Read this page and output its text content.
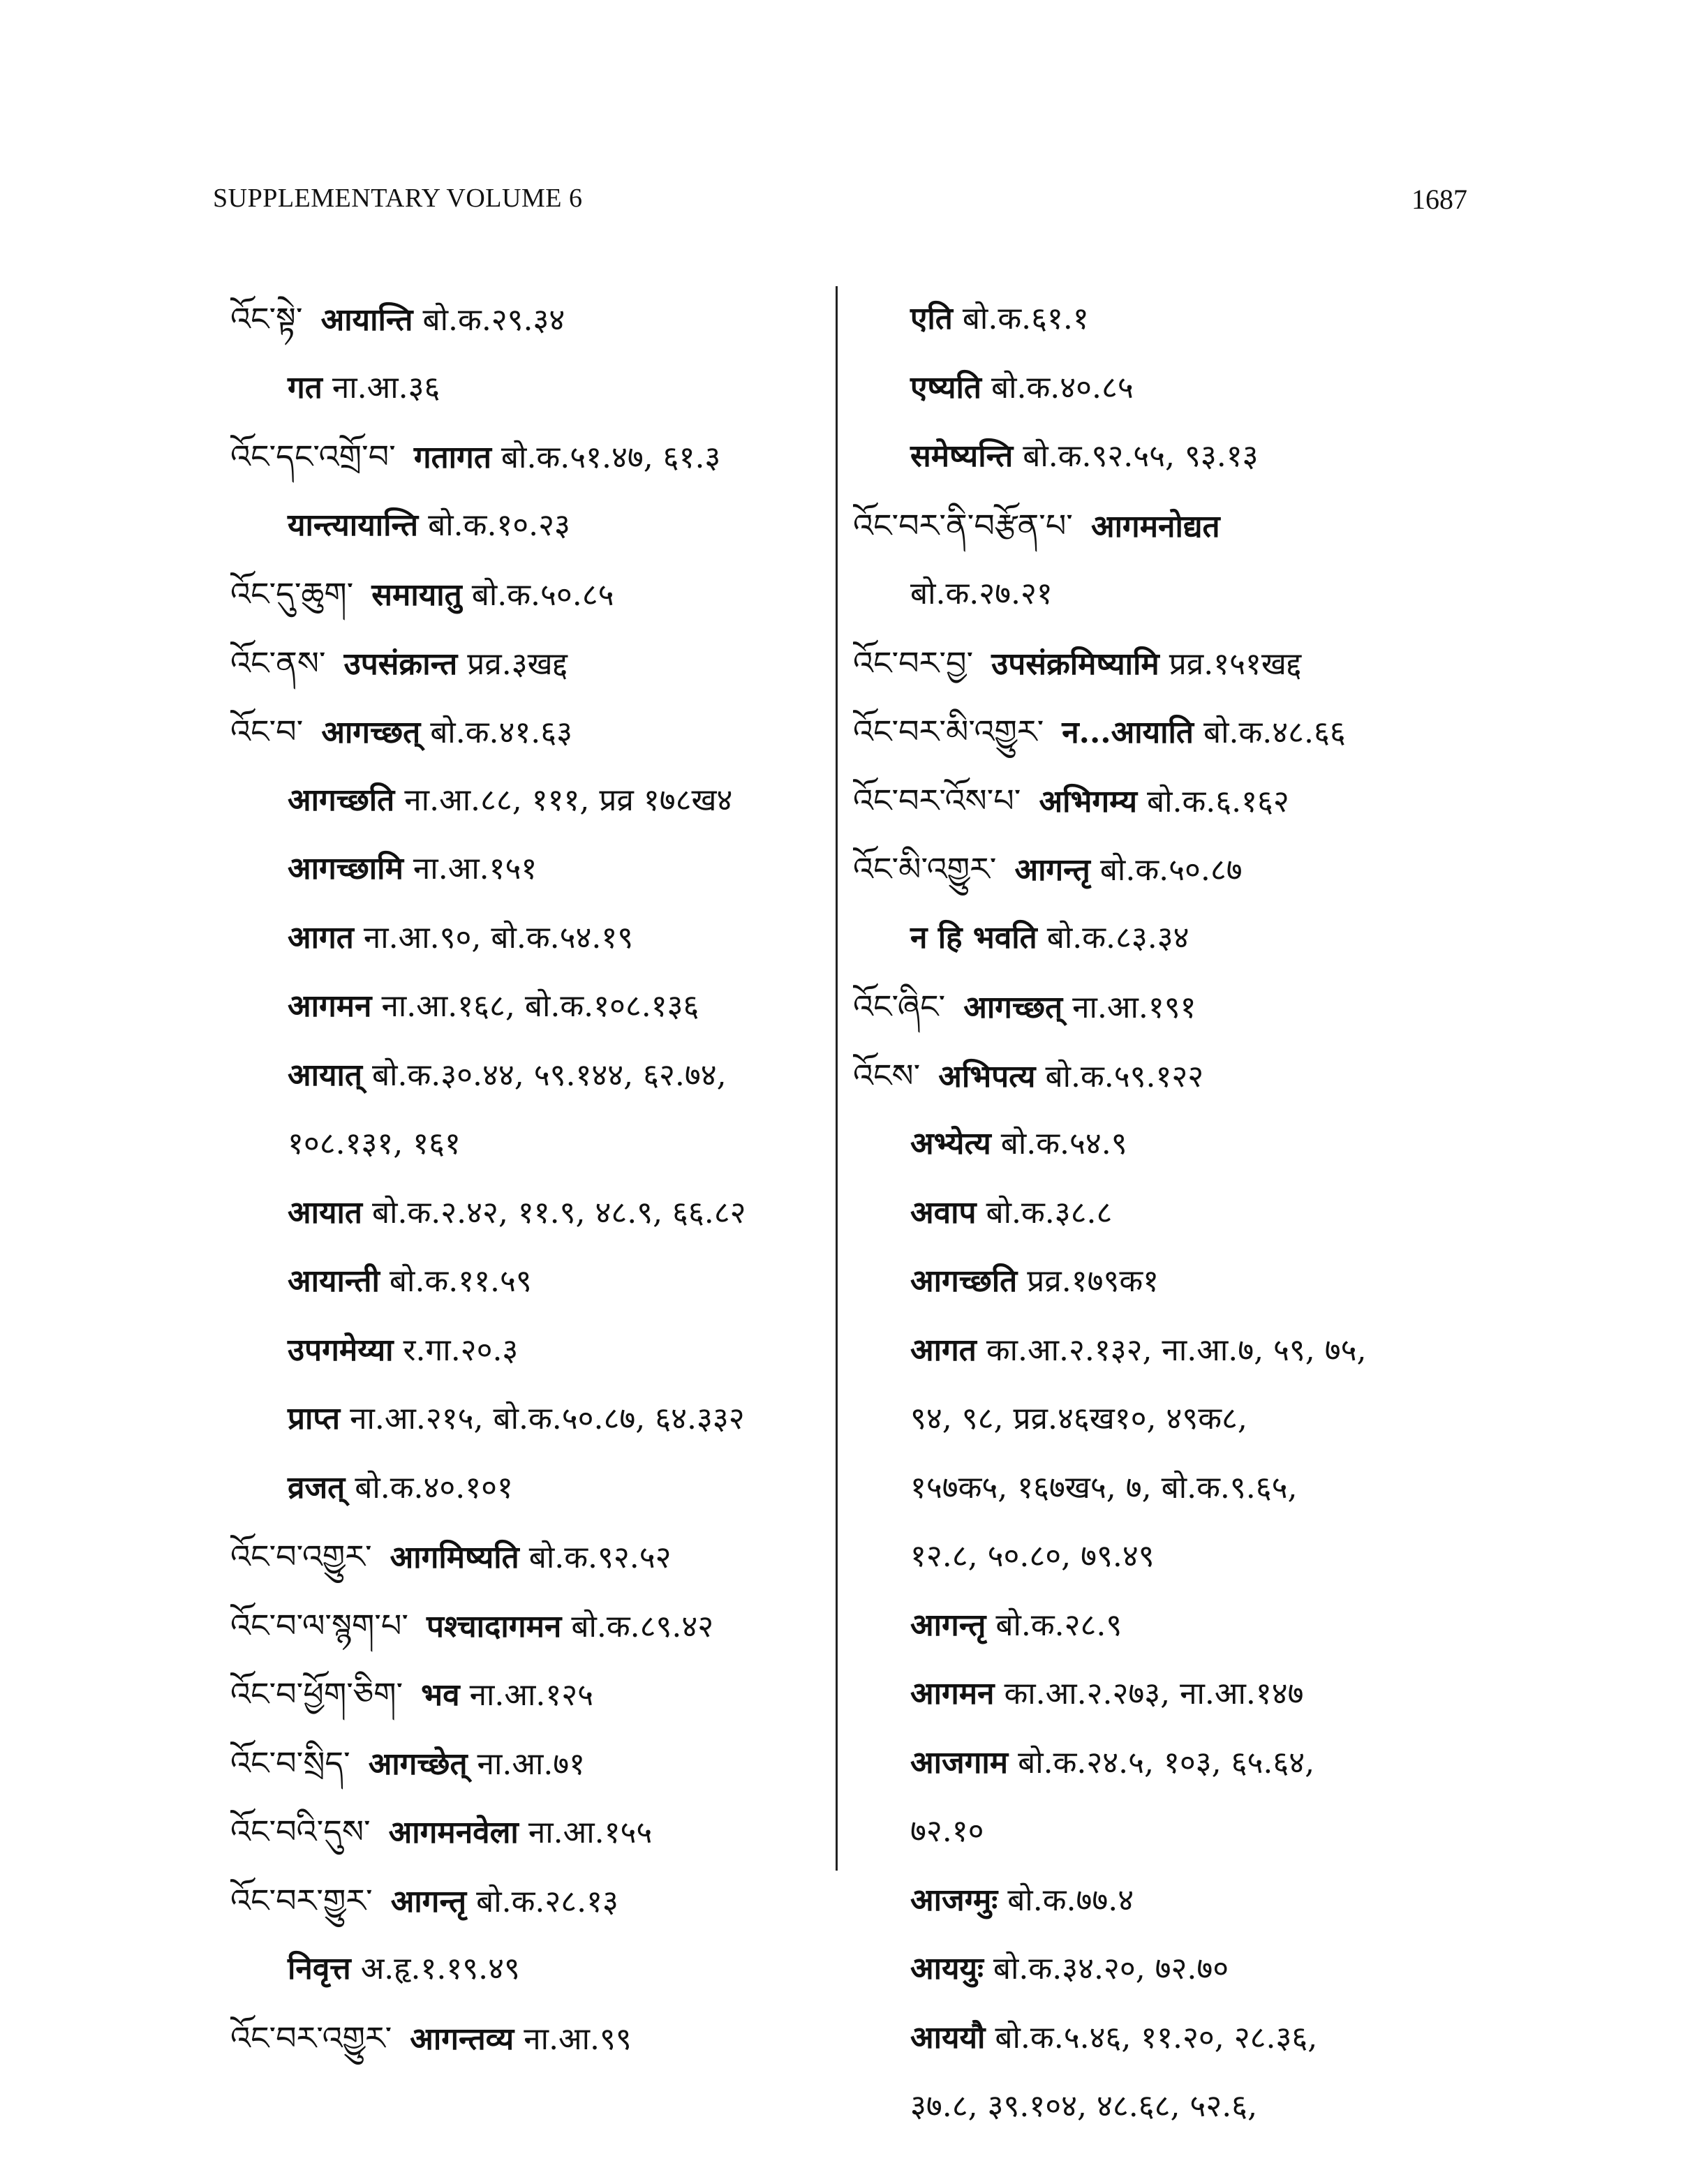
SUPPLEMENTARY VOLUME 6	1687
འོང་སྟེ་ आयान्ति बो.क.२९.३४
गत ना.आ.३६
འོང་དང་འགྲོ་བ་ गतागत बो.क.५१.४७, ६१.३
यान्त्यायान्ति बो.क.१०.२३
འོང་དུ་ཆུག་ समायातु बो.क.५०.८५
འོང་ནས་ उपसंक्रान्त प्रव्र.३खद्द
འོང་བ་ आगच्छत् बो.क.४१.६३
आगच्छति ना.आ.८८, १११, प्रव्र १७८ख४
आगच्छामि ना.आ.१५१
आगत ना.आ.९०, बो.क.५४.१९
आगमन ना.आ.१६८, बो.क.१०८.१३६
आयात् बो.क.३०.४४, ५९.१४४, ६२.७४,
१०८.१३१, १६१
आयात बो.क.२.४२, ११.९, ४८.९, ६६.८२
आयान्ती बो.क.११.५९
उपगमेय्या र.गा.२०.३
प्राप्त ना.आ.२१५, बो.क.५०.८७, ६४.३३२
व्रजत् बो.क.४०.१०१
འོང་བ་འགྱུར་ आगमिष्यति बो.क.९२.५२
འོང་བ་ལ་སྙག་པ་ पश्चादागमन बो.क.८९.४२
འོང་བ་ཕྱོག་ཅིག་ भव ना.आ.१२५
འོང་བ་སྲིད་ आगच्छेत् ना.आ.७१
འོང་བའི་དུས་ आगमनवेला ना.आ.१५५
འོང་བར་གྱུར་ आगन्तृ बो.क.२८.१३
निवृत्त अ.हृ.१.१९.४९
འོང་བར་འགྱུར་ आगन्तव्य ना.आ.९९
एति बो.क.६१.१
एष्यति बो.क.४०.८५
समेष्यन्ति बो.क.९२.५५, ९३.१३
འོང་བར་ནི་བརྩོན་པ་ आगमनोद्यत
बो.क.२७.२१
འོང་བར་བྱ་ उपसंक्रमिष्यामि प्रव्र.१५१खद्द
འོང་བར་མི་འགྱུར་ न...आयाति बो.क.४८.६६
འོང་བར་འོས་པ་ अभिगम्य बो.क.६.१६२
འོང་མི་འགྱུར་ आगन्तृ बो.क.५०.८७
न हि भवति बो.क.८३.३४
འོང་ཞིང་ आगच्छत् ना.आ.१९१
འོངས་ अभिपत्य बो.क.५९.१२२
अभ्येत्य बो.क.५४.९
अवाप बो.क.३८.८
आगच्छति प्रव्र.१७९क१
आगत का.आ.२.१३२, ना.आ.७, ५९, ७५,
९४, ९८, प्रव्र.४६ख१०, ४९क८,
१५७क५, १६७ख५, ७, बो.क.९.६५,
१२.८, ५०.८०, ७९.४९
आगन्तृ बो.क.२८.९
आगमन का.आ.२.२७३, ना.आ.१४७
आजगाम बो.क.२४.५, १०३, ६५.६४,
७२.१०
आजग्मुः बो.क.७७.४
आययुः बो.क.३४.२०, ७२.७०
आययौ बो.क.५.४६, ११.२०, २८.३६,
३७.८, ३९.१०४, ४८.६८, ५२.६,
